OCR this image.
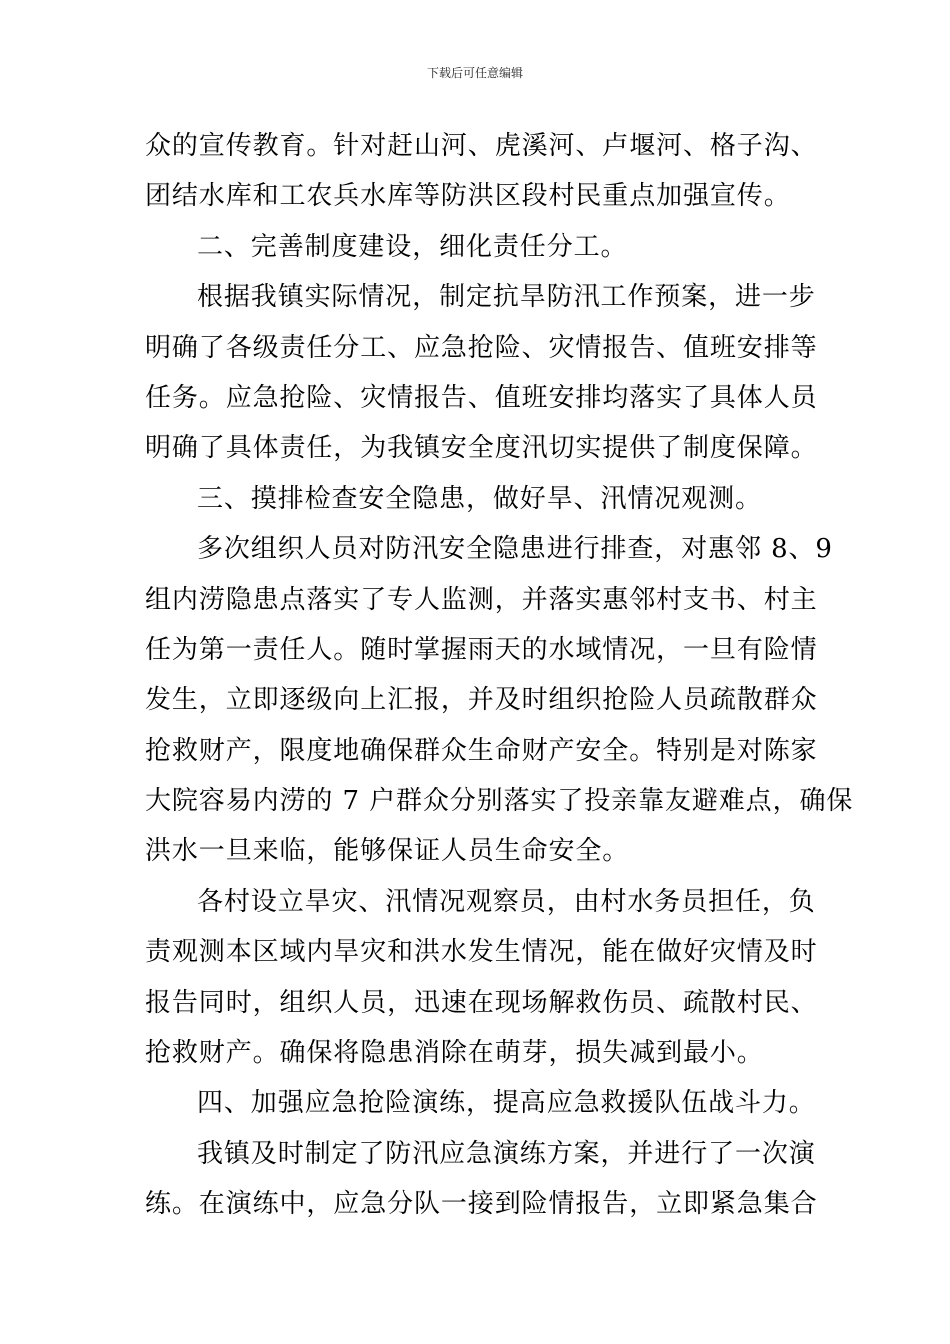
下载后可任意编辑
众的宣传教育。针对赶山河、虎溪河、卢堰河、格子沟、
团结水库和工农兵水库等防洪区段村民重点加强宣传。
二、完善制度建设，细化责任分工。
根据我镇实际情况，制定抗旱防汛工作预案，进一步
明确了各级责任分工、应急抢险、灾情报告、值班安排等
任务。应急抢险、灾情报告、值班安排均落实了具体人员
明确了具体责任，为我镇安全度汛切实提供了制度保障。
三、摸排检查安全隐患，做好旱、汛情况观测。
多次组织人员对防汛安全隐患进行排查，对惠邻 8、9
组内涝隐患点落实了专人监测，并落实惠邻村支书、村主
任为第一责任人。随时掌握雨天的水域情况，一旦有险情
发生，立即逐级向上汇报，并及时组织抢险人员疏散群众
抢救财产，限度地确保群众生命财产安全。特别是对陈家
大院容易内涝的 7 户群众分别落实了投亲靠友避难点，确保
洪水一旦来临，能够保证人员生命安全。
各村设立旱灾、汛情况观察员，由村水务员担任，负
责观测本区域内旱灾和洪水发生情况，能在做好灾情及时
报告同时，组织人员，迅速在现场解救伤员、疏散村民、
抢救财产。确保将隐患消除在萌芽，损失减到最小。
四、加强应急抢险演练，提高应急救援队伍战斗力。
我镇及时制定了防汛应急演练方案，并进行了一次演
练。在演练中，应急分队一接到险情报告，立即紧急集合
